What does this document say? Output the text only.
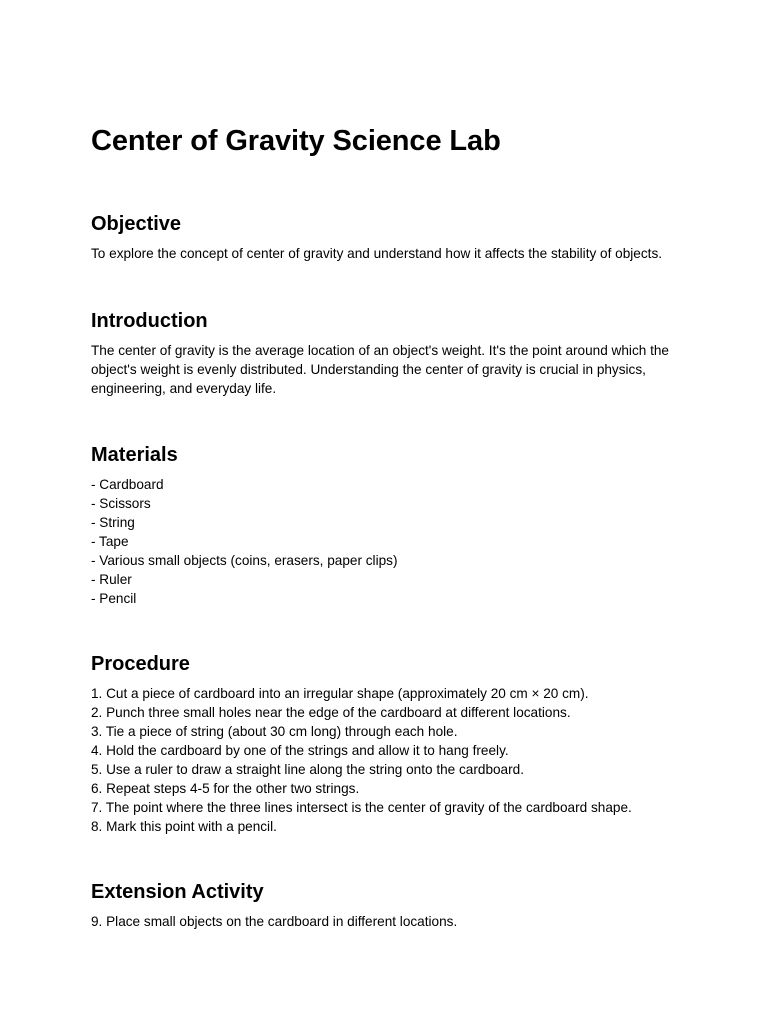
Center of Gravity Science Lab
Objective

To explore the concept of center of gravity and understand how it affects the stability of objects.

Introduction

The center of gravity is the average location of an object's weight. It's the point around which the object's weight is evenly distributed. Understanding the center of gravity is crucial in physics, engineering, and everyday life.

Materials
- Cardboard
- Scissors
- String
- Tape
- Various small objects (coins, erasers, paper clips)
- Ruler
- Pencil
Procedure
1. Cut a piece of cardboard into an irregular shape (approximately 20 cm × 20 cm).
2. Punch three small holes near the edge of the cardboard at different locations.
3. Tie a piece of string (about 30 cm long) through each hole.
4. Hold the cardboard by one of the strings and allow it to hang freely.
5. Use a ruler to draw a straight line along the string onto the cardboard.
6. Repeat steps 4-5 for the other two strings.
7. The point where the three lines intersect is the center of gravity of the cardboard shape.
8. Mark this point with a pencil.
Extension Activity
9. Place small objects on the cardboard in different locations.
